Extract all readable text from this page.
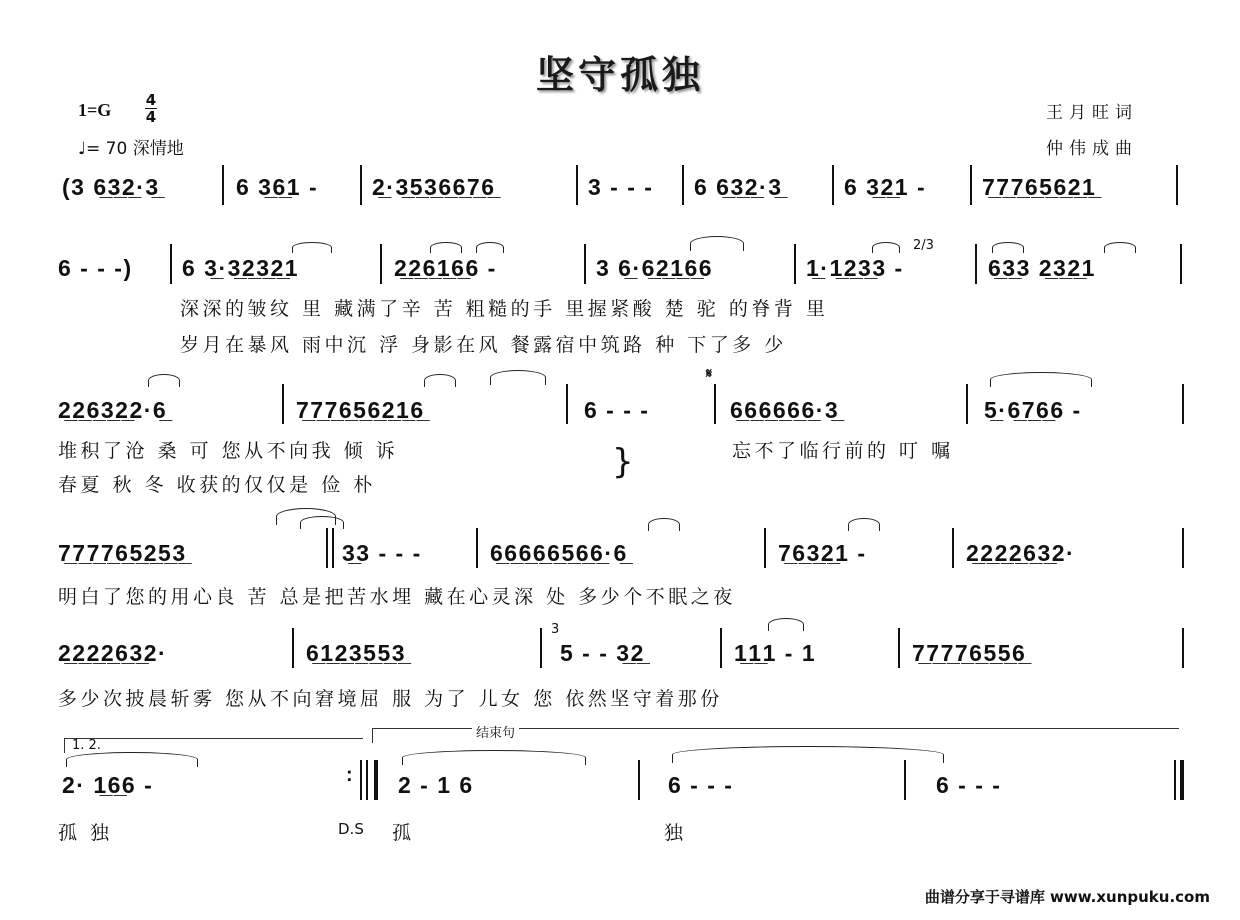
坚守孤独
1=G 4
4
♩= 70 深情地
王月旺词
仲伟成曲
(3 6̲3̲2̲·3̲	6 3̲6̲1 - 2̲·3̲5̲3̲6̲6̲7̲6̲	3 - - - 6 6̲3̲2̲·3̲	6 3̲2̲1 - 7̲7̲7̲6̲5̲6̲2̲1̲
6 - - -) 6 3̲·3̲2̲3̲2̲1	2̲2̲6̲1̲6̲6 -	3 6̲·6̲2̲1̲6̲6	1̲·1̲2̲3̲3 -
2/3
6̲3̲3 2̲3̲2̲1
深深的皱纹 里 藏满了辛 苦 粗糙的手 里握紧酸 楚 驼 的脊背 里
岁月在暴风 雨中沉 浮 身影在风 餐露宿中筑路 种 下了多 少
2̲2̲6̲3̲2̲2·6̲	7̲7̲7̲6̲5̲6̲2̲1̲6̲	6 - - -
𝄋
6̲6̲6̲6̲6̲6̲·3̲	5̲·6̲7̲6̲6 -
堆积了沧 桑 可 您从不向我 倾 诉
春夏 秋 冬 收获的仅仅是 俭 朴
}	忘不了临行前的 叮 嘱
7̲7̲7̲7̲6̲5̲2̲5̲3̲	3̲3 - - -	6̲6̲6̲6̲6̲5̲6̲6̲·6̲	7̲6̲3̲2̲1 -	2̲2̲2̲2̲6̲3̲2·
明白了您的用心良 苦 总是把苦水埋 藏在心灵深 处 多少个不眠之夜
2̲2̲2̲2̲6̲3̲2·	6̲1̲2̲3̲5̲5̲3̲
3
5 - - 3̲2̲	1̲1̲1 - 1	7̲7̲7̲7̲6̲5̲5̲6̲
多少次披晨斩雾 您从不向窘境屈 服 为了 儿女 您 依然坚守着那份
1. 2.
结束句
2· 1̲6̲6 -	: 2 - 1 6	6 - - -	6 - - -
孤 独	D.S 孤	独
曲谱分享于寻谱库 www.xunpuku.com
